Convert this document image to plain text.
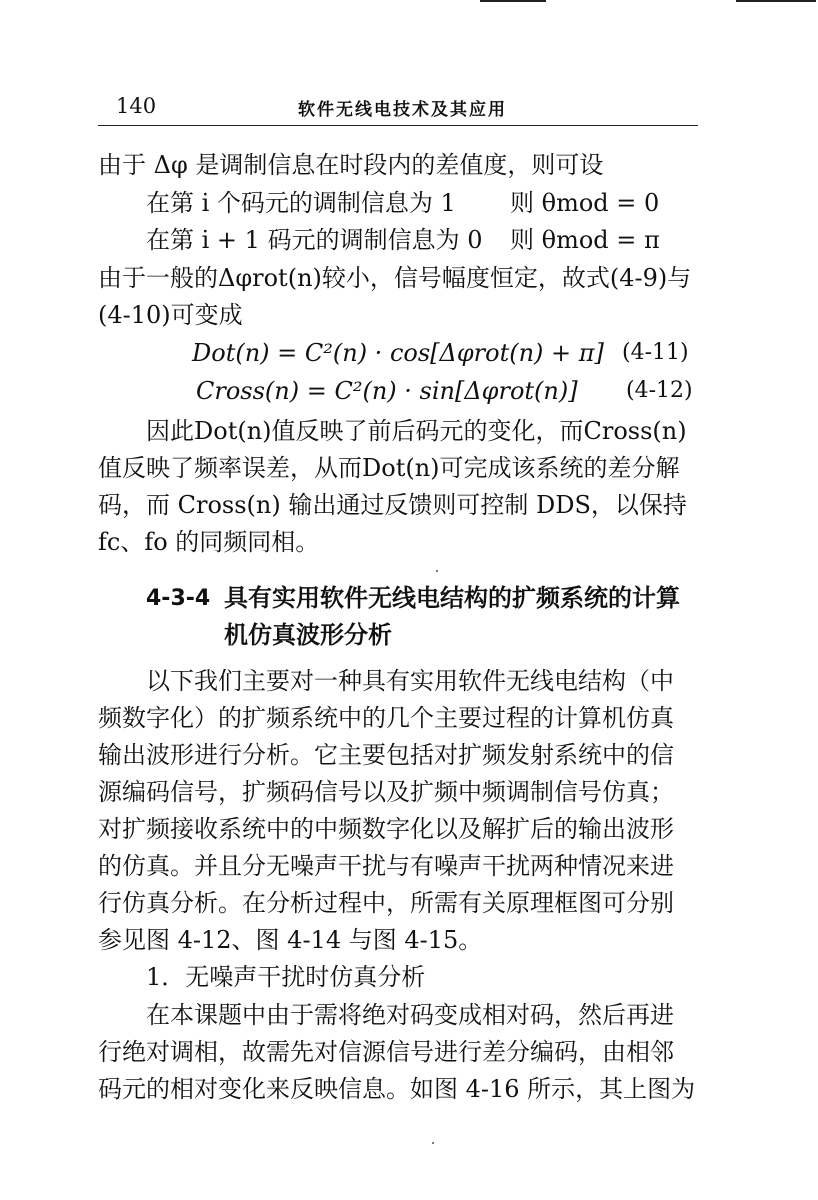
140	软件无线电技术及其应用
由于 Δφ 是调制信息在时段内的差值度，则可设
在第 i 个码元的调制信息为 1 则 θmod = 0
在第 i + 1 码元的调制信息为 0 则 θmod = π
由于一般的Δφrot(n)较小，信号幅度恒定，故式(4-9)与
(4-10)可变成
Dot(n) = C²(n) · cos[Δφrot(n) + π] (4-11)
Cross(n) = C²(n) · sin[Δφrot(n)] (4-12)
因此Dot(n)值反映了前后码元的变化，而Cross(n)
值反映了频率误差，从而Dot(n)可完成该系统的差分解
码，而 Cross(n) 输出通过反馈则可控制 DDS，以保持
fc、fo 的同频同相。
4-3-4 具有实用软件无线电结构的扩频系统的计算
机仿真波形分析
以下我们主要对一种具有实用软件无线电结构（中
频数字化）的扩频系统中的几个主要过程的计算机仿真
输出波形进行分析。它主要包括对扩频发射系统中的信
源编码信号，扩频码信号以及扩频中频调制信号仿真；
对扩频接收系统中的中频数字化以及解扩后的输出波形
的仿真。并且分无噪声干扰与有噪声干扰两种情况来进
行仿真分析。在分析过程中，所需有关原理框图可分别
参见图 4-12、图 4-14 与图 4-15。
1．无噪声干扰时仿真分析
在本课题中由于需将绝对码变成相对码，然后再进
行绝对调相，故需先对信源信号进行差分编码，由相邻
码元的相对变化来反映信息。如图 4-16 所示，其上图为
